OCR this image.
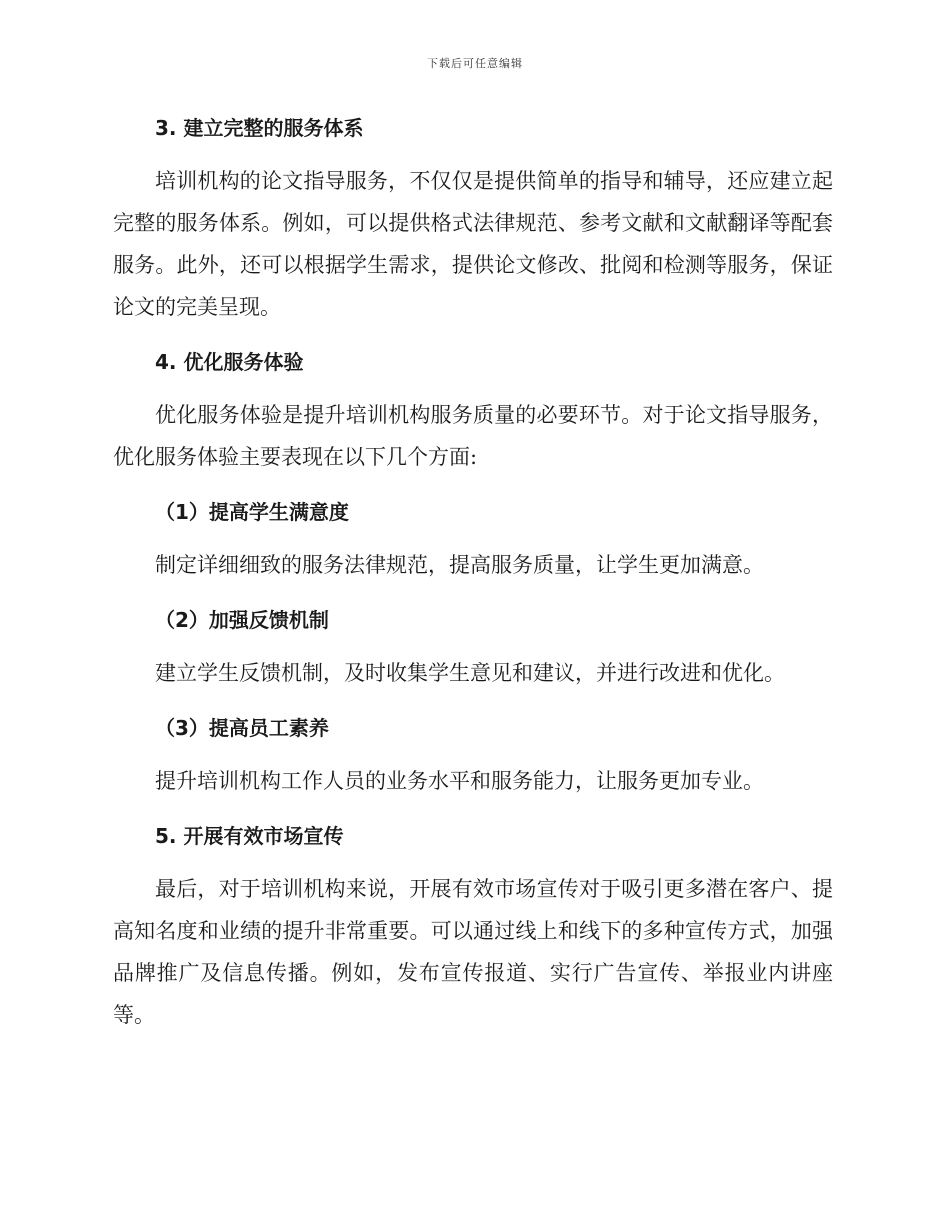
下载后可任意编辑
3. 建立完整的服务体系

培训机构的论文指导服务，不仅仅是提供简单的指导和辅导，还应建立起完整的服务体系。例如，可以提供格式法律规范、参考文献和文献翻译等配套服务。此外，还可以根据学生需求，提供论文修改、批阅和检测等服务，保证论文的完美呈现。

4. 优化服务体验

优化服务体验是提升培训机构服务质量的必要环节。对于论文指导服务，优化服务体验主要表现在以下几个方面:

（1）提高学生满意度

制定详细细致的服务法律规范，提高服务质量，让学生更加满意。

（2）加强反馈机制

建立学生反馈机制，及时收集学生意见和建议，并进行改进和优化。

（3）提高员工素养

提升培训机构工作人员的业务水平和服务能力，让服务更加专业。

5. 开展有效市场宣传

最后，对于培训机构来说，开展有效市场宣传对于吸引更多潜在客户、提高知名度和业绩的提升非常重要。可以通过线上和线下的多种宣传方式，加强品牌推广及信息传播。例如，发布宣传报道、实行广告宣传、举报业内讲座等。
